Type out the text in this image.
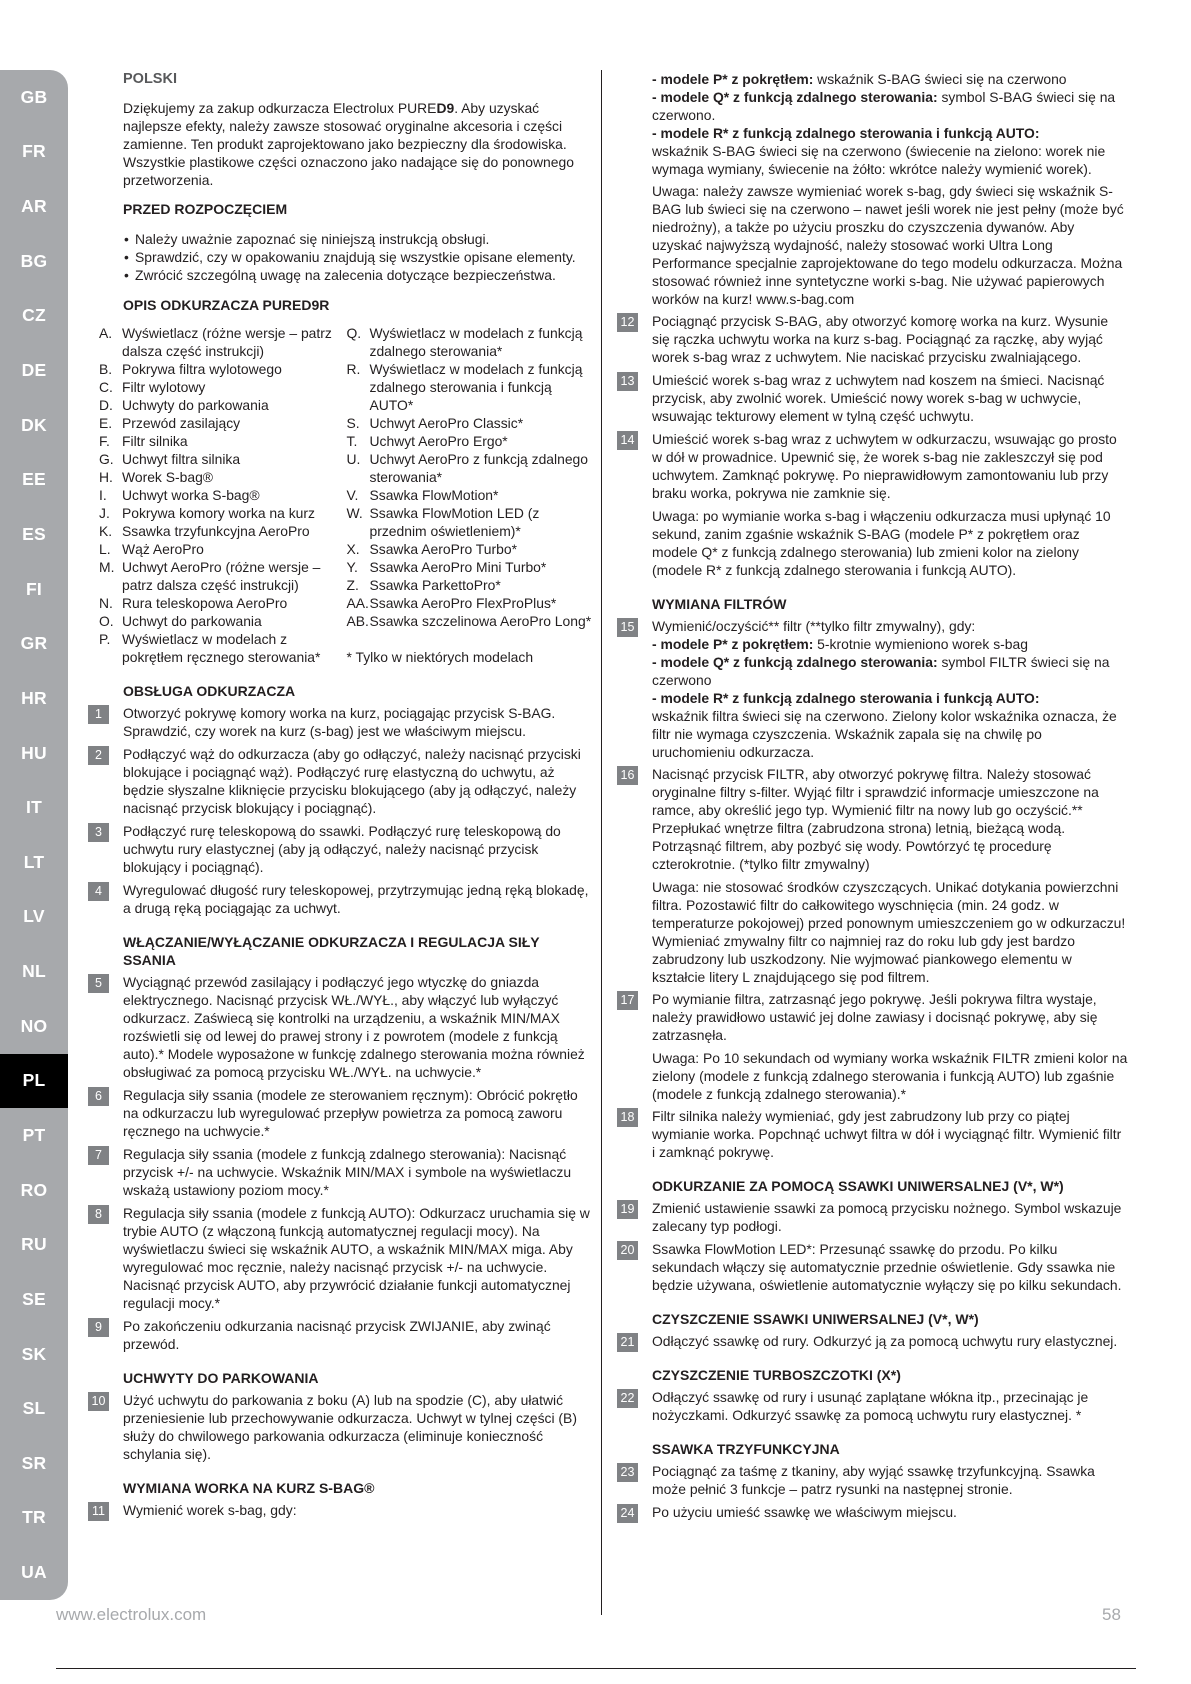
GB
FR
AR
BG
CZ
DE
DK
EE
ES
FI
GR
HR
HU
IT
LT
LV
NL
NO
PL
PT
RO
RU
SE
SK
SL
SR
TR
UA
POLSKI
Dziękujemy za zakup odkurzacza Electrolux PURED9. Aby uzyskać najlepsze efekty, należy zawsze stosować oryginalne akcesoria i części zamienne. Ten produkt zaprojektowano jako bezpieczny dla środowiska. Wszystkie plastikowe części oznaczono jako nadające się do ponownego przetworzenia.
PRZED ROZPOCZĘCIEM
• Należy uważnie zapoznać się niniejszą instrukcją obsługi.
• Sprawdzić, czy w opakowaniu znajdują się wszystkie opisane elementy.
• Zwrócić szczególną uwagę na zalecenia dotyczące bezpieczeństwa.
OPIS ODKURZACZA PURED9R
A. Wyświetlacz (różne wersje – patrz dalsza część instrukcji)
B. Pokrywa filtra wylotowego
C. Filtr wylotowy
D. Uchwyty do parkowania
E. Przewód zasilający
F. Filtr silnika
G. Uchwyt filtra silnika
H. Worek S-bag®
I.	Uchwyt worka S-bag®
J. Pokrywa komory worka na kurz
K. Ssawka trzyfunkcyjna AeroPro
L. Wąż AeroPro
M. Uchwyt AeroPro (różne wersje – patrz dalsza część instrukcji)
N. Rura teleskopowa AeroPro
O. Uchwyt do parkowania
P. Wyświetlacz w modelach z pokrętłem ręcznego sterowania*
Q. Wyświetlacz w modelach z funkcją zdalnego sterowania*
R. Wyświetlacz w modelach z funkcją zdalnego sterowania i funkcją AUTO*
S. Uchwyt AeroPro Classic*
T. Uchwyt AeroPro Ergo*
U. Uchwyt AeroPro z funkcją zdalnego sterowania*
V. Ssawka FlowMotion*
W. Ssawka FlowMotion LED (z przednim oświetleniem)*
X. Ssawka AeroPro Turbo*
Y. Ssawka AeroPro Mini Turbo*
Z. Ssawka ParkettoPro*
AA. Ssawka AeroPro FlexProPlus*
AB. Ssawka szczelinowa AeroPro Long*
* Tylko w niektórych modelach
OBSŁUGA ODKURZACZA
1	Otworzyć pokrywę komory worka na kurz, pociągając przycisk S-BAG. Sprawdzić, czy worek na kurz (s-bag) jest we właściwym miejscu.
2	Podłączyć wąż do odkurzacza (aby go odłączyć, należy nacisnąć przyciski blokujące i pociągnąć wąż). Podłączyć rurę elastyczną do uchwytu, aż będzie słyszalne kliknięcie przycisku blokującego (aby ją odłączyć, należy nacisnąć przycisk blokujący i pociągnąć).
3	Podłączyć rurę teleskopową do ssawki. Podłączyć rurę teleskopową do uchwytu rury elastycznej (aby ją odłączyć, należy nacisnąć przycisk blokujący i pociągnąć).
4	Wyregulować długość rury teleskopowej, przytrzymując jedną ręką blokadę, a drugą ręką pociągając za uchwyt.
WŁĄCZANIE/WYŁĄCZANIE ODKURZACZA I REGULACJA SIŁY SSANIA
5	Wyciągnąć przewód zasilający i podłączyć jego wtyczkę do gniazda elektrycznego. Nacisnąć przycisk WŁ./WYŁ., aby włączyć lub wyłączyć odkurzacz. Zaświecą się kontrolki na urządzeniu, a wskaźnik MIN/MAX rozświetli się od lewej do prawej strony i z powrotem (modele z funkcją auto).* Modele wyposażone w funkcję zdalnego sterowania można również obsługiwać za pomocą przycisku WŁ./WYŁ. na uchwycie.*
6	Regulacja siły ssania (modele ze sterowaniem ręcznym): Obrócić pokrętło na odkurzaczu lub wyregulować przepływ powietrza za pomocą zaworu ręcznego na uchwycie.*
7	Regulacja siły ssania (modele z funkcją zdalnego sterowania): Nacisnąć przycisk +/- na uchwycie. Wskaźnik MIN/MAX i symbole na wyświetlaczu wskażą ustawiony poziom mocy.*
8	Regulacja siły ssania (modele z funkcją AUTO): Odkurzacz uruchamia się w trybie AUTO (z włączoną funkcją automatycznej regulacji mocy). Na wyświetlaczu świeci się wskaźnik AUTO, a wskaźnik MIN/MAX miga. Aby wyregulować moc ręcznie, należy nacisnąć przycisk +/- na uchwycie. Nacisnąć przycisk AUTO, aby przywrócić działanie funkcji automatycznej regulacji mocy.*
9	Po zakończeniu odkurzania nacisnąć przycisk ZWIJANIE, aby zwinąć przewód.
UCHWYTY DO PARKOWANIA
10 Użyć uchwytu do parkowania z boku (A) lub na spodzie (C), aby ułatwić przeniesienie lub przechowywanie odkurzacza. Uchwyt w tylnej części (B) służy do chwilowego parkowania odkurzacza (eliminuje konieczność schylania się).
WYMIANA WORKA NA KURZ S-BAG®
11 Wymienić worek s-bag, gdy:
- modele P* z pokrętłem: wskaźnik S-BAG świeci się na czerwono
- modele Q* z funkcją zdalnego sterowania: symbol S-BAG świeci się na czerwono.
- modele R* z funkcją zdalnego sterowania i funkcją AUTO:
wskaźnik S-BAG świeci się na czerwono (świecenie na zielono: worek nie wymaga wymiany, świecenie na żółto: wkrótce należy wymienić worek).
Uwaga: należy zawsze wymieniać worek s-bag, gdy świeci się wskaźnik S-BAG lub świeci się na czerwono – nawet jeśli worek nie jest pełny (może być niedrożny), a także po użyciu proszku do czyszczenia dywanów. Aby uzyskać najwyższą wydajność, należy stosować worki Ultra Long Performance specjalnie zaprojektowane do tego modelu odkurzacza. Można stosować również inne syntetyczne worki s-bag. Nie używać papierowych worków na kurz! www.s-bag.com
12 Pociągnąć przycisk S-BAG, aby otworzyć komorę worka na kurz. Wysunie się rączka uchwytu worka na kurz s-bag. Pociągnąć za rączkę, aby wyjąć worek s-bag wraz z uchwytem. Nie naciskać przycisku zwalniającego.
13 Umieścić worek s-bag wraz z uchwytem nad koszem na śmieci. Nacisnąć przycisk, aby zwolnić worek. Umieścić nowy worek s-bag w uchwycie, wsuwając tekturowy element w tylną część uchwytu.
14 Umieścić worek s-bag wraz z uchwytem w odkurzaczu, wsuwając go prosto w dół w prowadnice. Upewnić się, że worek s-bag nie zakleszczył się pod uchwytem. Zamknąć pokrywę. Po nieprawidłowym zamontowaniu lub przy braku worka, pokrywa nie zamknie się.
Uwaga: po wymianie worka s-bag i włączeniu odkurzacza musi upłynąć 10 sekund, zanim zgaśnie wskaźnik S-BAG (modele P* z pokrętłem oraz modele Q* z funkcją zdalnego sterowania) lub zmieni kolor na zielony (modele R* z funkcją zdalnego sterowania i funkcją AUTO).
WYMIANA FILTRÓW
15 Wymienić/oczyścić** filtr (**tylko filtr zmywalny), gdy:
- modele P* z pokrętłem: 5-krotnie wymieniono worek s-bag
- modele Q* z funkcją zdalnego sterowania: symbol FILTR świeci się na czerwono
- modele R* z funkcją zdalnego sterowania i funkcją AUTO:
wskaźnik filtra świeci się na czerwono. Zielony kolor wskaźnika oznacza, że filtr nie wymaga czyszczenia. Wskaźnik zapala się na chwilę po uruchomieniu odkurzacza.
16 Nacisnąć przycisk FILTR, aby otworzyć pokrywę filtra. Należy stosować oryginalne filtry s-filter. Wyjąć filtr i sprawdzić informacje umieszczone na ramce, aby określić jego typ. Wymienić filtr na nowy lub go oczyścić.** Przepłukać wnętrze filtra (zabrudzona strona) letnią, bieżącą wodą. Potrząsnąć filtrem, aby pozbyć się wody. Powtórzyć tę procedurę czterokrotnie. (*tylko filtr zmywalny)
Uwaga: nie stosować środków czyszczących. Unikać dotykania powierzchni filtra. Pozostawić filtr do całkowitego wyschnięcia (min. 24 godz. w temperaturze pokojowej) przed ponownym umieszczeniem go w odkurzaczu! Wymieniać zmywalny filtr co najmniej raz do roku lub gdy jest bardzo zabrudzony lub uszkodzony. Nie wyjmować piankowego elementu w kształcie litery L znajdującego się pod filtrem.
17 Po wymianie filtra, zatrzasnąć jego pokrywę. Jeśli pokrywa filtra wystaje, należy prawidłowo ustawić jej dolne zawiasy i docisnąć pokrywę, aby się zatrzasnęła.
Uwaga: Po 10 sekundach od wymiany worka wskaźnik FILTR zmieni kolor na zielony (modele z funkcją zdalnego sterowania i funkcją AUTO) lub zgaśnie (modele z funkcją zdalnego sterowania).*
18 Filtr silnika należy wymieniać, gdy jest zabrudzony lub przy co piątej wymianie worka. Popchnąć uchwyt filtra w dół i wyciągnąć filtr. Wymienić filtr i zamknąć pokrywę.
ODKURZANIE ZA POMOCĄ SSAWKI UNIWERSALNEJ (V*, W*)
19 Zmienić ustawienie ssawki za pomocą przycisku nożnego. Symbol wskazuje zalecany typ podłogi.
20 Ssawka FlowMotion LED*: Przesunąć ssawkę do przodu. Po kilku sekundach włączy się automatycznie przednie oświetlenie. Gdy ssawka nie będzie używana, oświetlenie automatycznie wyłączy się po kilku sekundach.
CZYSZCZENIE SSAWKI UNIWERSALNEJ (V*, W*)
21 Odłączyć ssawkę od rury. Odkurzyć ją za pomocą uchwytu rury elastycznej.
CZYSZCZENIE TURBOSZCZOTKI (X*)
22 Odłączyć ssawkę od rury i usunąć zaplątane włókna itp., przecinając je nożyczkami. Odkurzyć ssawkę za pomocą uchwytu rury elastycznej. *
SSAWKA TRZYFUNKCYJNA
23 Pociągnąć za taśmę z tkaniny, aby wyjąć ssawkę trzyfunkcyjną. Ssawka może pełnić 3 funkcje – patrz rysunki na następnej stronie.
24 Po użyciu umieść ssawkę we właściwym miejscu.
www.electrolux.com	58
